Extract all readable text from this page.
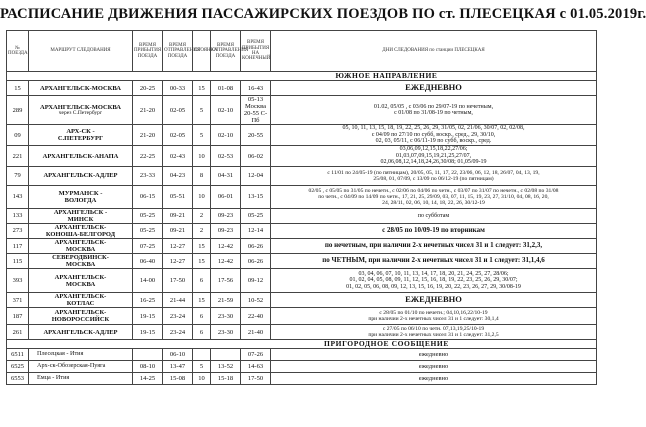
РАСПИСАНИЕ ДВИЖЕНИЯ ПАССАЖИРСКИХ ПОЕЗДОВ ПО ст. ПЛЕСЕЦКАЯ с 01.05.2019г.
№ ПОЕЗДА	МАРШРУТ СЛЕДОВАНИЯ	ВРЕМЯ ПРИБЫТИЯ ПОЕЗДА	ВРЕМЯ ОТПРАВЛЕНИЯ ПОЕЗДА	СТОЯНКА	ВРЕМЯ ОТПРАВЛЕНИЯ ПОЕЗДА	ВРЕМЯ ПРИБЫТИЯ НА КОНЕЧНЫЙ	ДНИ СЛЕДОВАНИЯ по станции ПЛЕСЕЦКАЯ
ЮЖНОЕ НАПРАВЛЕНИЕ							
15	АРХАНГЕЛЬСК-МОСКВА	20-25	00-33	15	01-08	16-43	ЕЖЕДНЕВНО

289	АРХАНГЕЛЬСК-МОСКВА
через С.Петербург	21-20	02-05	5	02-10	05-13 Москва 20-55 С-Пб	01.02, 05/05 , с 03/06 по 29/07-19 по нечетным,
с 01/08 по 31/08-19 по четным,

09	АРХ-СК -
С.ПЕТЕРБУРГ	21-20	02-05	5	02-10	20-55	05, 10, 11, 13, 15, 18, 19, 22, 25, 26, 29, 31/05, 02, 21/06, 30/07, 02, 02/08,
с 04/09 по 27/10 по субб, воскр., сред., 29, 30/10,
02, 03, 05/11, с 06/11-19 по субб, воскр., сред.

221	АРХАНГЕЛЬСК-АНАПА	22-25	02-43	10	02-53	06-02	03,06,09,12,15,18,22,27/06;
01,03,07,09,15,19,21,25,27/07,
02,06,08,12,14,18,24,26,30/08; 01,05/09-19

79	АРХАНГЕЛЬСК-АДЛЕР	23-33	04-23	8	04-31	12-04	с 11/01 по 24/05-19 (по пятницам), 20/05, 05, 11, 17, 22, 23/06, 06, 12, 18, 26/07, 04, 13, 19,
25/08, 01, 07/09, с 13/09 по 06/12-19 (по пятницам)

143	МУРМАНСК -
ВОЛОГДА	06-15	05-51	10	06-01	13-15	02/05 , с 05/05 по 31/05 по нечетн., с 02/06 по 04/06 по четн., с 03/07 по 31/07 по нечетн., с 02/08 по 31/08
по четн., с 04/09 по 14/09 по четн., 17, 21, 25, 29/09, 03, 07, 11, 15, 19, 23, 27, 31/10, 04, 08, 16, 20,
24, 28/11, 02, 06, 10, 14, 18, 22, 26, 30/12-19

133	АРХАНГЕЛЬСК -
МИНСК	05-25	09-21	2	09-23	05-25	по субботам

273	АРХАНГЕЛЬСК-
КОНОША-БЕЛГОРОД	05-25	09-21	2	09-23	12-14	с 28/05 по 10/09-19 по вторникам

117	АРХАНГЕЛЬСК-
МОСКВА	07-25	12-27	15	12-42	06-26	по нечетным, при наличии 2-х нечетных чисел 31 и 1 следует: 31,2,3,

115	СЕВЕРОДВИНСК-
МОСКВА	06-40	12-27	15	12-42	06-26	по ЧЕТНЫМ, при наличии 2-х нечетных чисел 31 и 1 следует: 31,1,4,6

393	АРХАНГЕЛЬСК-
МОСКВА	14-00	17-50	6	17-56	09-12	03, 04, 06, 07, 10, 11, 13, 14, 17, 18, 20, 21, 24, 25, 27, 28/06;
01, 02, 04, 05, 08, 09, 11, 12, 15, 16, 18, 19, 22, 23, 25, 26, 29, 30/07;
01, 02, 05, 06, 08, 09, 12, 13, 15, 16, 19, 20, 22, 23, 26, 27, 29, 30/08-19

371	АРХАНГЕЛЬСК-
КОТЛАС	16-25	21-44	15	21-59	10-52	ЕЖЕДНЕВНО

187	АРХАНГЕЛЬСК-
НОВОРОССИЙСК	19-15	23-24	6	23-30	22-40	с 28/05 по 01/10 по нечетн.; 04,10,16,22/10-19
при наличии 2-х нечетных чисел 31 и 1 следует: 30,1,4

261	АРХАНГЕЛЬСК-АДЛЕР	19-15	23-24	6	23-30	21-40	с 27/05 по 06/10 по четн. 07,13,19,25/10-19
при наличии 2-х нечетных чисел 31 и 1 следует: 31,2,5

ПРИГОРОДНОЕ СООБЩЕНИЕ							
6511	Плесецкая - Ития		06-10			07-26	ежедневно
6525	Арх-ск-Обозерская-Пуяга	08-10	13-47	5	13-52	14-63	ежедневно
6553	Емца - Ития	14-25	15-08	10	15-18	17-50	ежедневно
